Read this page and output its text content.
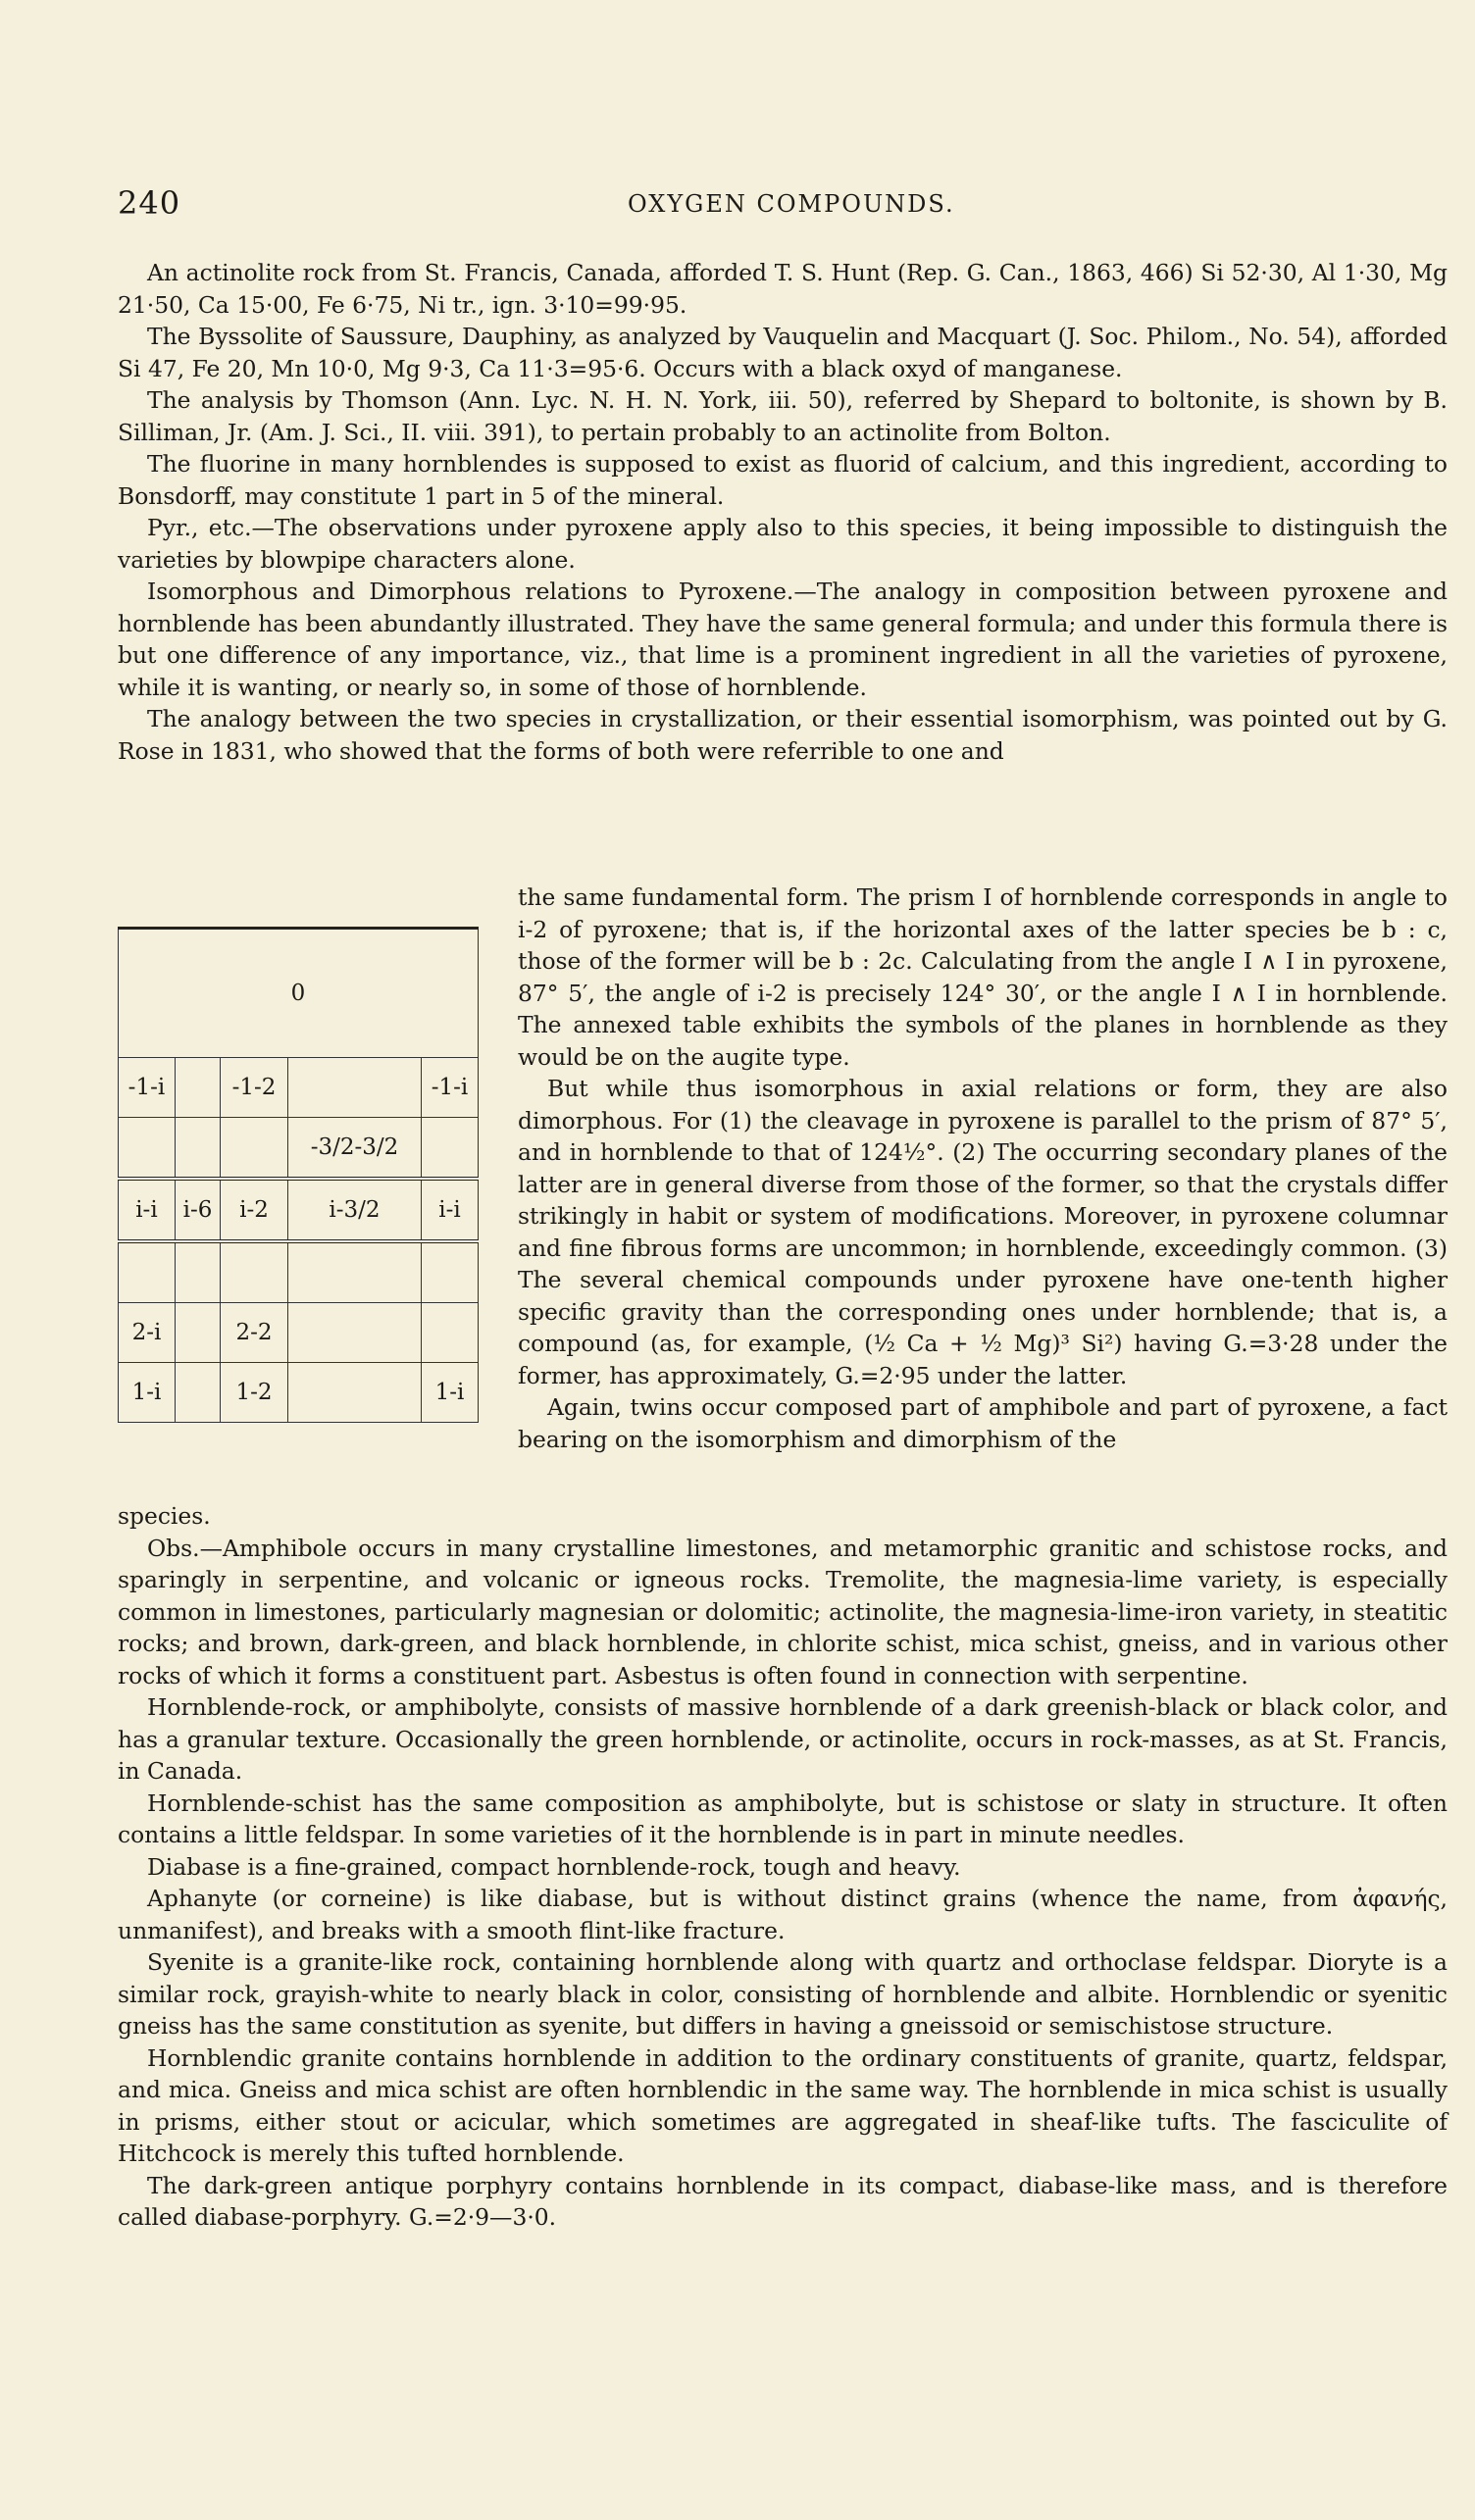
240	OXYGEN COMPOUNDS.

An actinolite rock from St. Francis, Canada, afforded T. S. Hunt (Rep. G. Can., 1863, 466) Si 52·30, Al 1·30, Mg 21·50, Ca 15·00, Fe 6·75, Ni tr., ign. 3·10=99·95.

The Byssolite of Saussure, Dauphiny, as analyzed by Vauquelin and Macquart (J. Soc. Philom., No. 54), afforded Si 47, Fe 20, Mn 10·0, Mg 9·3, Ca 11·3=95·6. Occurs with a black oxyd of manganese.

The analysis by Thomson (Ann. Lyc. N. H. N. York, iii. 50), referred by Shepard to boltonite, is shown by B. Silliman, Jr. (Am. J. Sci., II. viii. 391), to pertain probably to an actinolite from Bolton.

The fluorine in many hornblendes is supposed to exist as fluorid of calcium, and this ingredient, according to Bonsdorff, may constitute 1 part in 5 of the mineral.

Pyr., etc.—The observations under pyroxene apply also to this species, it being impossible to distinguish the varieties by blowpipe characters alone.

Isomorphous and Dimorphous relations to Pyroxene.—The analogy in composition between pyroxene and hornblende has been abundantly illustrated. They have the same general formula; and under this formula there is but one difference of any importance, viz., that lime is a prominent ingredient in all the varieties of pyroxene, while it is wanting, or nearly so, in some of those of hornblende.

The analogy between the two species in crystallization, or their essential isomorphism, was pointed out by G. Rose in 1831, who showed that the forms of both were referrible to one and

0				
-1-i		-1-2		-1-i
			-3/2-3/2	
i-i	i-6	i-2	i-3/2	i-i

2-i		2-2		
1-i		1-2		1-i

the same fundamental form. The prism I of hornblende corresponds in angle to i-2 of pyroxene; that is, if the horizontal axes of the latter species be b : c, those of the former will be b : 2c. Calculating from the angle I ∧ I in pyroxene, 87° 5′, the angle of i-2 is precisely 124° 30′, or the angle I ∧ I in hornblende. The annexed table exhibits the symbols of the planes in hornblende as they would be on the augite type.

But while thus isomorphous in axial relations or form, they are also dimorphous. For (1) the cleavage in pyroxene is parallel to the prism of 87° 5′, and in hornblende to that of 124½°. (2) The occurring secondary planes of the latter are in general diverse from those of the former, so that the crystals differ strikingly in habit or system of modifications. Moreover, in pyroxene columnar and fine fibrous forms are uncommon; in hornblende, exceedingly common. (3) The several chemical compounds under pyroxene have one-tenth higher specific gravity than the corresponding ones under hornblende; that is, a compound (as, for example, (½ Ca + ½ Mg)³ Si²) having G.=3·28 under the former, has approximately, G.=2·95 under the latter.

Again, twins occur composed part of amphibole and part of pyroxene, a fact bearing on the isomorphism and dimorphism of the

species.

Obs.—Amphibole occurs in many crystalline limestones, and metamorphic granitic and schistose rocks, and sparingly in serpentine, and volcanic or igneous rocks. Tremolite, the magnesia-lime variety, is especially common in limestones, particularly magnesian or dolomitic; actinolite, the magnesia-lime-iron variety, in steatitic rocks; and brown, dark-green, and black hornblende, in chlorite schist, mica schist, gneiss, and in various other rocks of which it forms a constituent part. Asbestus is often found in connection with serpentine.

Hornblende-rock, or amphibolyte, consists of massive hornblende of a dark greenish-black or black color, and has a granular texture. Occasionally the green hornblende, or actinolite, occurs in rock-masses, as at St. Francis, in Canada.

Hornblende-schist has the same composition as amphibolyte, but is schistose or slaty in structure. It often contains a little feldspar. In some varieties of it the hornblende is in part in minute needles.

Diabase is a fine-grained, compact hornblende-rock, tough and heavy.

Aphanyte (or corneine) is like diabase, but is without distinct grains (whence the name, from ἀφανής, unmanifest), and breaks with a smooth flint-like fracture.

Syenite is a granite-like rock, containing hornblende along with quartz and orthoclase feldspar. Dioryte is a similar rock, grayish-white to nearly black in color, consisting of hornblende and albite. Hornblendic or syenitic gneiss has the same constitution as syenite, but differs in having a gneissoid or semischistose structure.

Hornblendic granite contains hornblende in addition to the ordinary constituents of granite, quartz, feldspar, and mica. Gneiss and mica schist are often hornblendic in the same way. The hornblende in mica schist is usually in prisms, either stout or acicular, which sometimes are aggregated in sheaf-like tufts. The fasciculite of Hitchcock is merely this tufted hornblende.

The dark-green antique porphyry contains hornblende in its compact, diabase-like mass, and is therefore called diabase-porphyry. G.=2·9—3·0.
